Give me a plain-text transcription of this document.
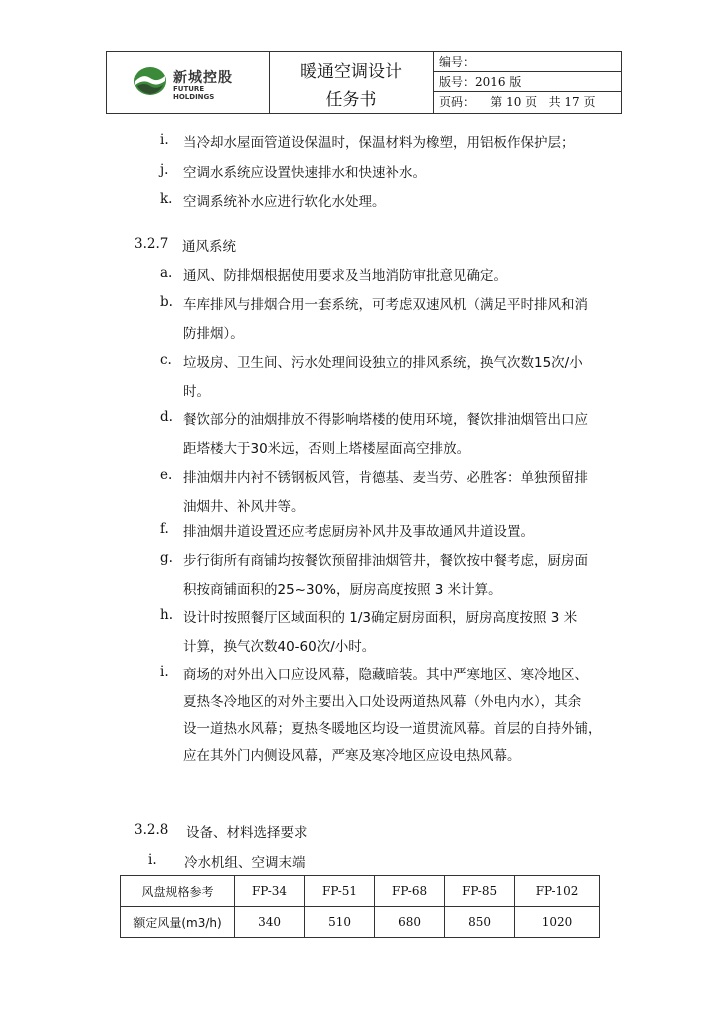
新城控股
FUTURE
HOLDINGS
暖通空调设计
任务书
编号：
版号：2016 版
页码：    第 10 页   共 17 页
i. 当冷却水屋面管道设保温时，保温材料为橡塑，用铝板作保护层；
j. 空调水系统应设置快速排水和快速补水。
k. 空调系统补水应进行软化水处理。
3.2.7 通风系统
a. 通风、防排烟根据使用要求及当地消防审批意见确定。
b. 车库排风与排烟合用一套系统，可考虑双速风机（满足平时排风和消
防排烟）。
c. 垃圾房、卫生间、污水处理间设独立的排风系统，换气次数15次/小
时。
d. 餐饮部分的油烟排放不得影响塔楼的使用环境，餐饮排油烟管出口应
距塔楼大于30米远，否则上塔楼屋面高空排放。
e. 排油烟井内衬不锈钢板风管，肯德基、麦当劳、必胜客：单独预留排
油烟井、补风井等。
f. 排油烟井道设置还应考虑厨房补风井及事故通风井道设置。
g. 步行街所有商铺均按餐饮预留排油烟管井，餐饮按中餐考虑，厨房面
积按商铺面积的25~30%，厨房高度按照 3 米计算。
h. 设计时按照餐厅区域面积的 1/3确定厨房面积，厨房高度按照 3 米
计算，换气次数40-60次/小时。
i. 商场的对外出入口应设风幕，隐藏暗装。其中严寒地区、寒冷地区、
夏热冬冷地区的对外主要出入口处设两道热风幕（外电内水），其余
设一道热水风幕；夏热冬暖地区均设一道贯流风幕。首层的自持外铺，
应在其外门内侧设风幕，严寒及寒冷地区应设电热风幕。
3.2.8 设备、材料选择要求
i. 冷水机组、空调末端
风盘规格参考	FP-34	FP-51	FP-68	FP-85	FP-102
额定风量(m3/h)	340	510	680	850	1020
